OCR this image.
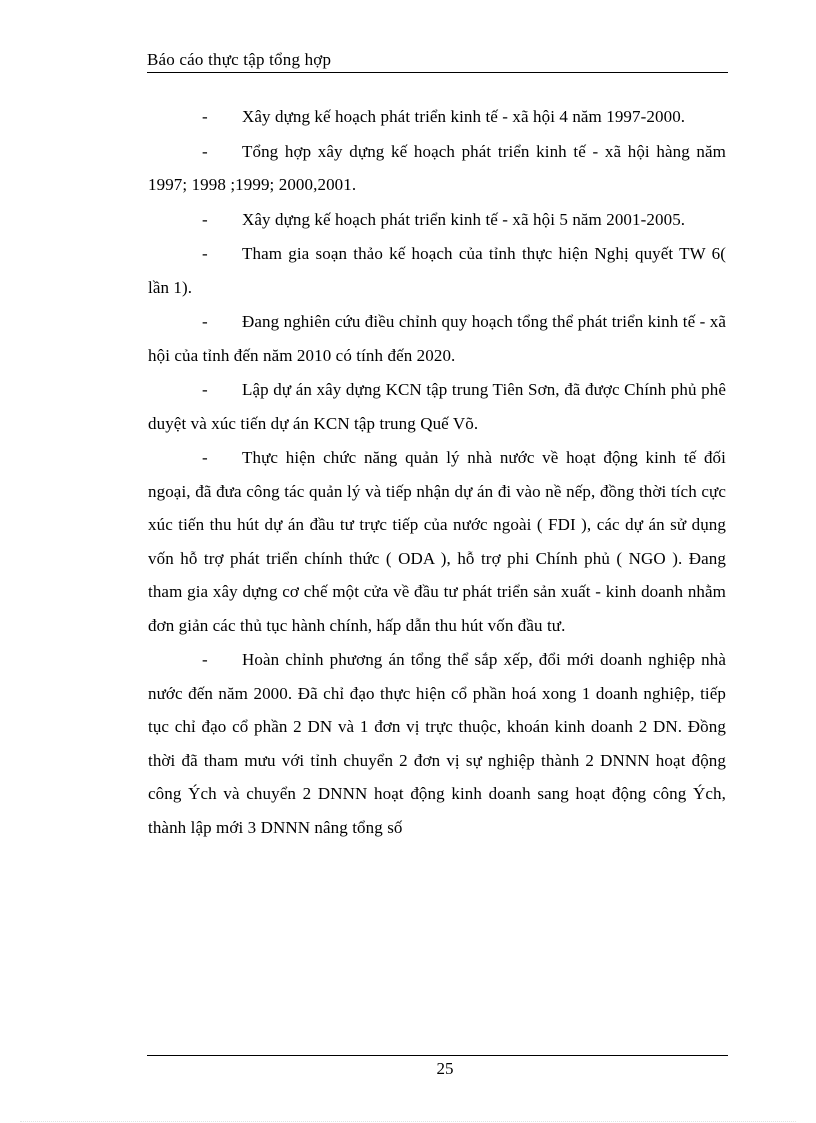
Báo cáo thực tập tổng hợp

- Xây dựng kế hoạch phát triển kinh tế - xã hội 4 năm 1997-2000.

- Tổng hợp xây dựng kế hoạch phát triển kinh tế - xã hội hàng năm 1997; 1998 ;1999; 2000,2001.

- Xây dựng kế hoạch phát triển kinh tế - xã hội 5 năm 2001-2005.

- Tham gia soạn thảo kế hoạch của tỉnh thực hiện Nghị quyết TW 6( lần 1).

- Đang nghiên cứu điều chỉnh quy hoạch tổng thể phát triển kinh tế - xã hội của tỉnh đến năm 2010 có tính đến 2020.

- Lập dự án xây dựng KCN tập trung Tiên Sơn, đã được Chính phủ phê duyệt và xúc tiến dự án KCN tập trung Quế Võ.

- Thực hiện chức năng quản lý nhà nước về hoạt động kinh tế đối ngoại, đã đưa công tác quản lý và tiếp nhận dự án đi vào nề nếp, đồng thời tích cực xúc tiến thu hút dự án đầu tư trực tiếp của nước ngoài ( FDI ), các dự án sử dụng vốn hỗ trợ phát triển chính thức ( ODA ), hỗ trợ phi Chính phủ ( NGO ). Đang tham gia xây dựng cơ chế một cửa về đầu tư phát triển sản xuất - kinh doanh nhằm đơn giản các thủ tục hành chính, hấp dẫn thu hút vốn đầu tư.

- Hoàn chỉnh phương án tổng thể sắp xếp, đổi mới doanh nghiệp nhà nước đến năm 2000. Đã chỉ đạo thực hiện cổ phần hoá xong 1 doanh nghiệp, tiếp tục chỉ đạo cổ phần 2 DN và 1 đơn vị trực thuộc, khoán kinh doanh 2 DN. Đồng thời đã tham mưu với tỉnh chuyển 2 đơn vị sự nghiệp thành 2 DNNN hoạt động công Ých và chuyển 2 DNNN hoạt động kinh doanh sang hoạt động công Ých, thành lập mới 3 DNNN nâng tổng số

25
